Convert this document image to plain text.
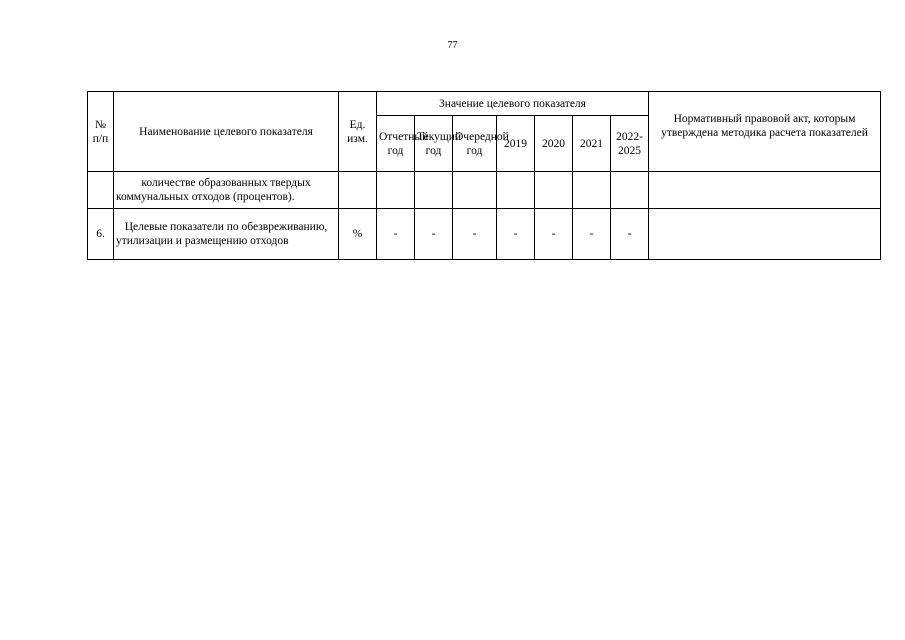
77
№ п/п	Наименование целевого показателя	Ед. изм.	Значение целевого показателя							Нормативный правовой акт, которым утверждена методика расчета показателей
			Отчетный год	Текущий год	Очередной год	2019	2020	2021	2022-2025	
	количестве образованных твердых коммунальных отходов (процентов).									
6.	Целевые показатели по обезвреживанию, утилизации и размещению отходов	%	-	-	-	-	-	-	-	
